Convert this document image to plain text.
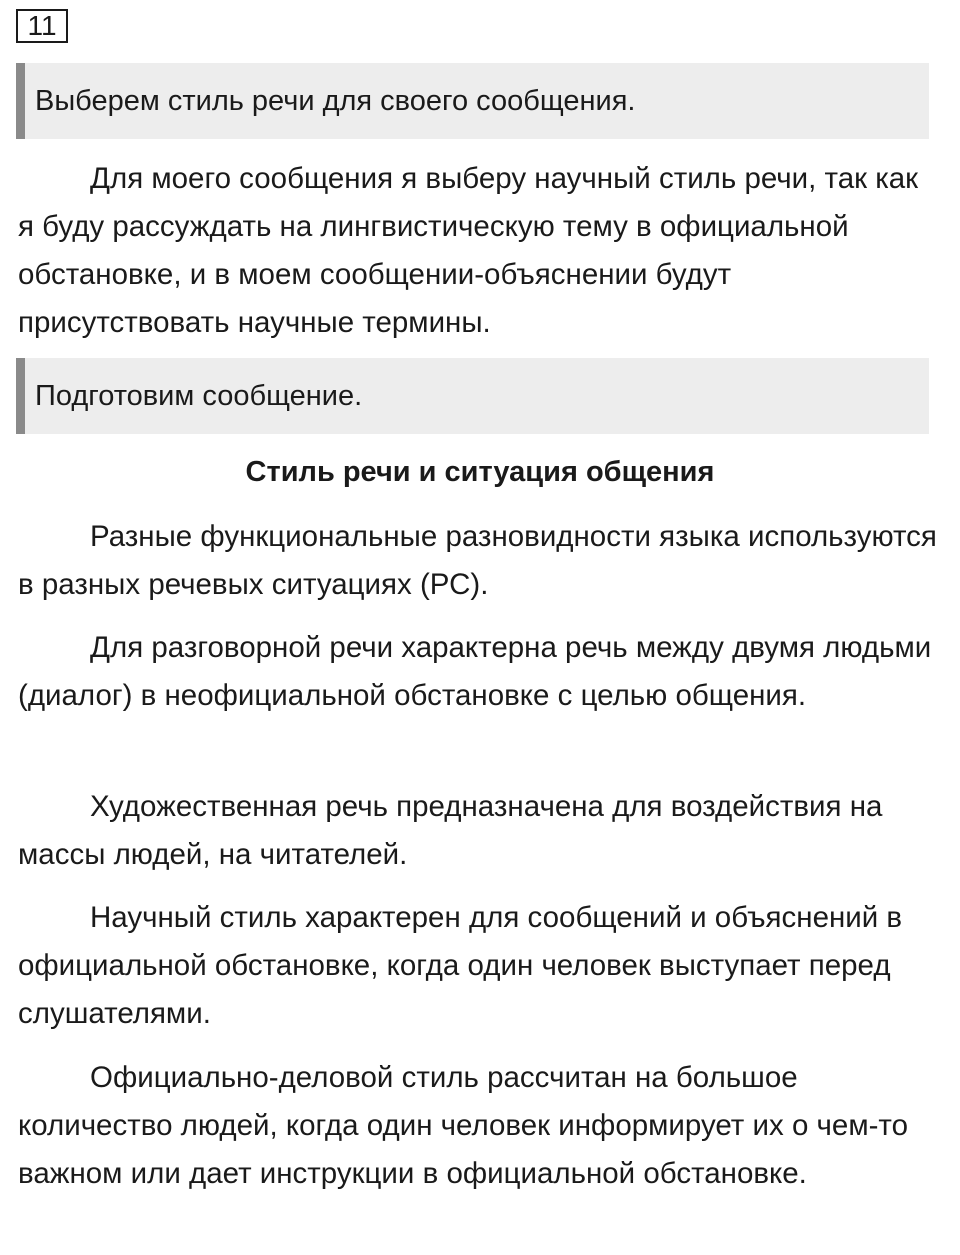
11
Выберем стиль речи для своего сообщения.

Для моего сообщения я выберу научный стиль речи, так как я буду рассуждать на лингвистическую тему в официальной обстановке, и в моем сообщении-объяснении будут присутствовать научные термины.

Подготовим сообщение.
Стиль речи и ситуация общения

Разные функциональные разновидности языка используются в разных речевых ситуациях (РС).

Для разговорной речи характерна речь между двумя людьми (диалог) в неофициальной обстановке с целью общения.

Художественная речь предназначена для воздействия на массы людей, на читателей.

Научный стиль характерен для сообщений и объяснений в официальной обстановке, когда один человек выступает перед слушателями.

Официально-деловой стиль рассчитан на большое количество людей, когда один человек информирует их о чем-то важном или дает инструкции в официальной обстановке.
